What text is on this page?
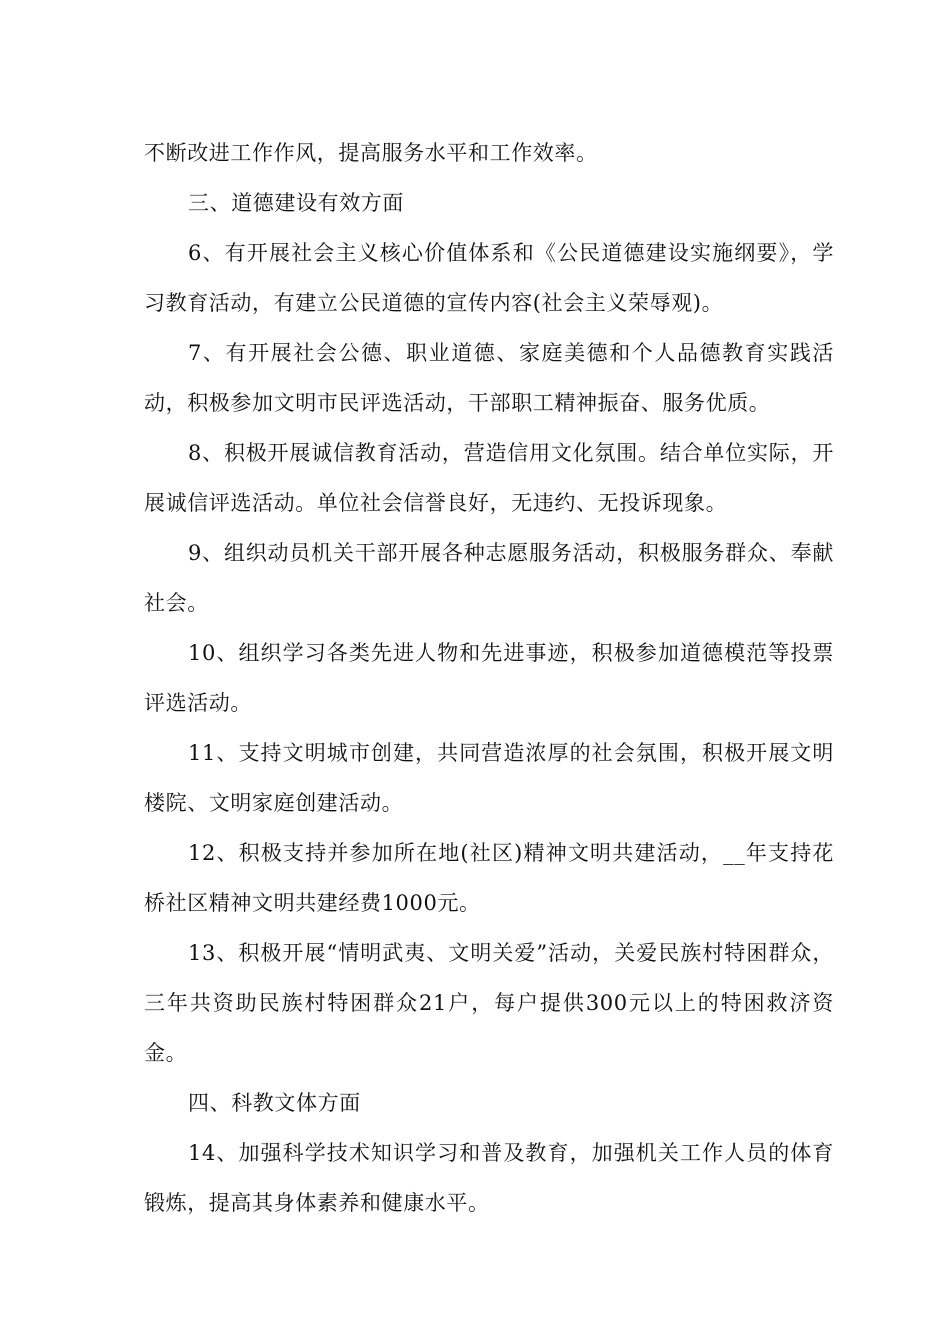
不断改进工作作风，提高服务水平和工作效率。

三、道德建设有效方面

6、有开展社会主义核心价值体系和《公民道德建设实施纲要》，学习教育活动，有建立公民道德的宣传内容(社会主义荣辱观)。

7、有开展社会公德、职业道德、家庭美德和个人品德教育实践活动，积极参加文明市民评选活动，干部职工精神振奋、服务优质。

8、积极开展诚信教育活动，营造信用文化氛围。结合单位实际，开展诚信评选活动。单位社会信誉良好，无违约、无投诉现象。

9、组织动员机关干部开展各种志愿服务活动，积极服务群众、奉献社会。

10、组织学习各类先进人物和先进事迹，积极参加道德模范等投票评选活动。

11、支持文明城市创建，共同营造浓厚的社会氛围，积极开展文明楼院、文明家庭创建活动。

12、积极支持并参加所在地(社区)精神文明共建活动，__年支持花桥社区精神文明共建经费1000元。

13、积极开展“情明武夷、文明关爱”活动，关爱民族村特困群众，三年共资助民族村特困群众21户，每户提供300元以上的特困救济资金。

四、科教文体方面

14、加强科学技术知识学习和普及教育，加强机关工作人员的体育锻炼，提高其身体素养和健康水平。
